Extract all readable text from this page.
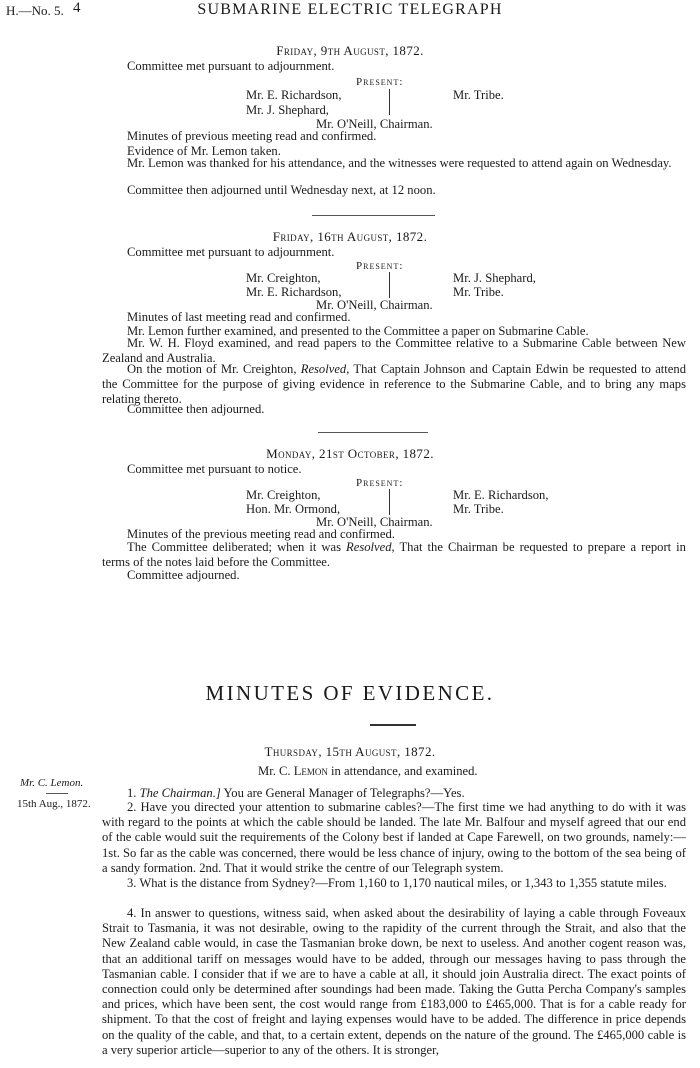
H.—No. 5. 4	SUBMARINE ELECTRIC TELEGRAPH
Friday, 9th August, 1872.
Committee met pursuant to adjournment.
Present:
Mr. E. Richardson,
Mr. J. Shephard,
Mr. Tribe.
Mr. O'Neill, Chairman.
Minutes of previous meeting read and confirmed.
Evidence of Mr. Lemon taken.
Mr. Lemon was thanked for his attendance, and the witnesses were requested to attend again on Wednesday.
Committee then adjourned until Wednesday next, at 12 noon.
Friday, 16th August, 1872.
Committee met pursuant to adjournment.
Present:
Mr. Creighton,
Mr. E. Richardson,
Mr. J. Shephard,
Mr. Tribe.
Mr. O'Neill, Chairman.
Minutes of last meeting read and confirmed.
Mr. Lemon further examined, and presented to the Committee a paper on Submarine Cable.
Mr. W. H. Floyd examined, and read papers to the Committee relative to a Submarine Cable between New Zealand and Australia.
On the motion of Mr. Creighton, Resolved, That Captain Johnson and Captain Edwin be requested to attend the Committee for the purpose of giving evidence in reference to the Submarine Cable, and to bring any maps relating thereto.
Committee then adjourned.
Monday, 21st October, 1872.
Committee met pursuant to notice.
Present:
Mr. Creighton,
Hon. Mr. Ormond,
Mr. E. Richardson,
Mr. Tribe.
Mr. O'Neill, Chairman.
Minutes of the previous meeting read and confirmed.
The Committee deliberated; when it was Resolved, That the Chairman be requested to prepare a report in terms of the notes laid before the Committee.
Committee adjourned.
MINUTES OF EVIDENCE.
Thursday, 15th August, 1872.
Mr. C. Lemon in attendance, and examined.
Mr. C. Lemon.
15th Aug., 1872.
1. The Chairman.] You are General Manager of Telegraphs?—Yes.
2. Have you directed your attention to submarine cables?—The first time we had anything to do with it was with regard to the points at which the cable should be landed. The late Mr. Balfour and myself agreed that our end of the cable would suit the requirements of the Colony best if landed at Cape Farewell, on two grounds, namely:—1st. So far as the cable was concerned, there would be less chance of injury, owing to the bottom of the sea being of a sandy formation. 2nd. That it would strike the centre of our Telegraph system.
3. What is the distance from Sydney?—From 1,160 to 1,170 nautical miles, or 1,343 to 1,355 statute miles.
4. In answer to questions, witness said, when asked about the desirability of laying a cable through Foveaux Strait to Tasmania, it was not desirable, owing to the rapidity of the current through the Strait, and also that the New Zealand cable would, in case the Tasmanian broke down, be next to useless. And another cogent reason was, that an additional tariff on messages would have to be added, through our messages having to pass through the Tasmanian cable. I consider that if we are to have a cable at all, it should join Australia direct. The exact points of connection could only be determined after soundings had been made. Taking the Gutta Percha Company's samples and prices, which have been sent, the cost would range from £183,000 to £465,000. That is for a cable ready for shipment. To that the cost of freight and laying expenses would have to be added. The difference in price depends on the quality of the cable, and that, to a certain extent, depends on the nature of the ground. The £465,000 cable is a very superior article—superior to any of the others. It is stronger,
